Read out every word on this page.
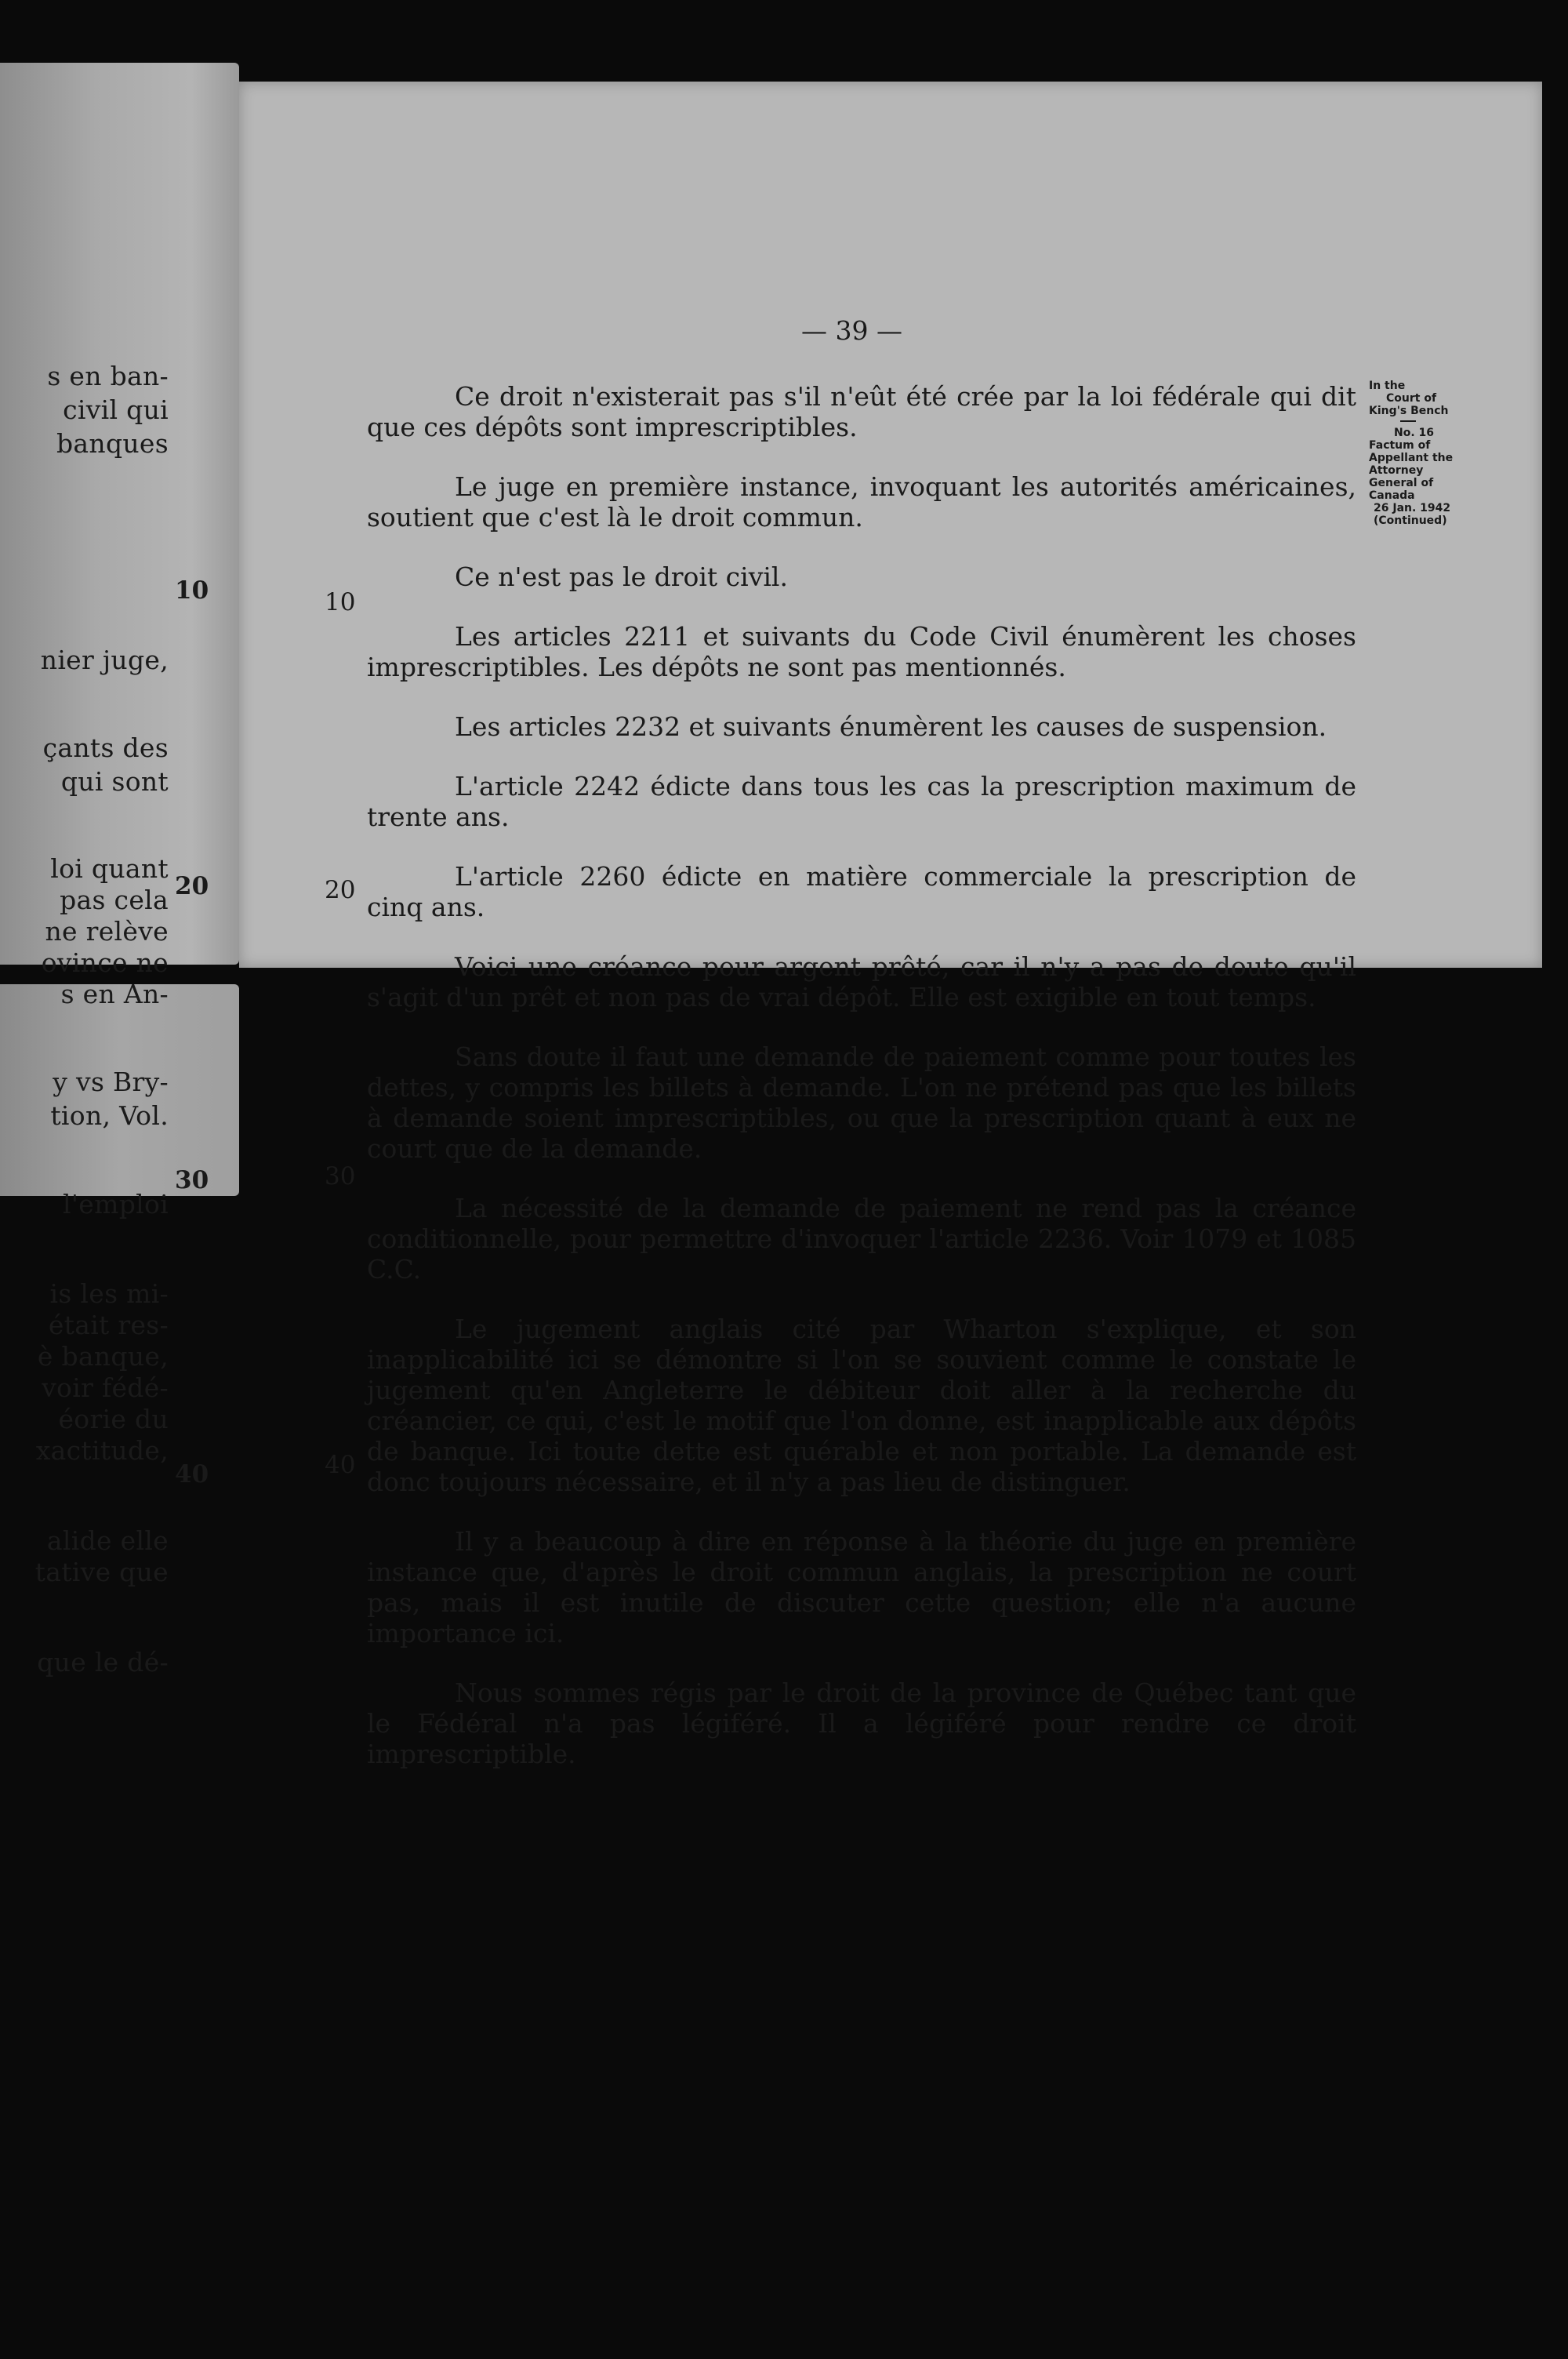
s en ban-
civil qui
banques
nier juge,
çants des
qui sont
loi quant
pas cela
ne relève
ovince ne
s en An-
y vs Bry-
tion, Vol.
l'emploi
is les mi-
était res-
è banque,
voir fédé-
éorie du
xactitude,
alide elle
tative que
que le dé-
10
20
30
40
— 39 —
10
20
30
40

Ce droit n'existerait pas s'il n'eût été crée par la loi fédérale qui dit que ces dépôts sont imprescriptibles.

Le juge en première instance, invoquant les autorités américaines, soutient que c'est là le droit commun.

Ce n'est pas le droit civil.

Les articles 2211 et suivants du Code Civil énumèrent les choses imprescriptibles. Les dépôts ne sont pas mentionnés.

Les articles 2232 et suivants énumèrent les causes de suspension.

L'article 2242 édicte dans tous les cas la prescription maximum de trente ans.

L'article 2260 édicte en matière commerciale la prescription de cinq ans.

Voici une créance pour argent prêté, car il n'y a pas de doute qu'il s'agit d'un prêt et non pas de vrai dépôt. Elle est exigible en tout temps.

Sans doute il faut une demande de paiement comme pour toutes les dettes, y compris les billets à demande. L'on ne prétend pas que les billets à demande soient imprescriptibles, ou que la prescription quant à eux ne court que de la demande.

La nécessité de la demande de paiement ne rend pas la créance conditionnelle, pour permettre d'invoquer l'article 2236. Voir 1079 et 1085 C.C.

Le jugement anglais cité par Wharton s'explique, et son inapplicabilité ici se démontre si l'on se souvient comme le constate le jugement qu'en Angleterre le débiteur doit aller à la recherche du créancier, ce qui, c'est le motif que l'on donne, est inapplicable aux dépôts de banque. Ici toute dette est quérable et non portable. La demande est donc toujours nécessaire, et il n'y a pas lieu de distinguer.

Il y a beaucoup à dire en réponse à la théorie du juge en première instance que, d'après le droit commun anglais, la prescription ne court pas, mais il est inutile de discuter cette question; elle n'a aucune importance ici.

Nous sommes régis par le droit de la province de Québec tant que le Fédéral n'a pas légiféré. Il a légiféré pour rendre ce droit imprescriptible.

In the
Court of
King's Bench
No. 16
Factum of
Appellant the
Attorney
General of
Canada
26 Jan. 1942
(Continued)
